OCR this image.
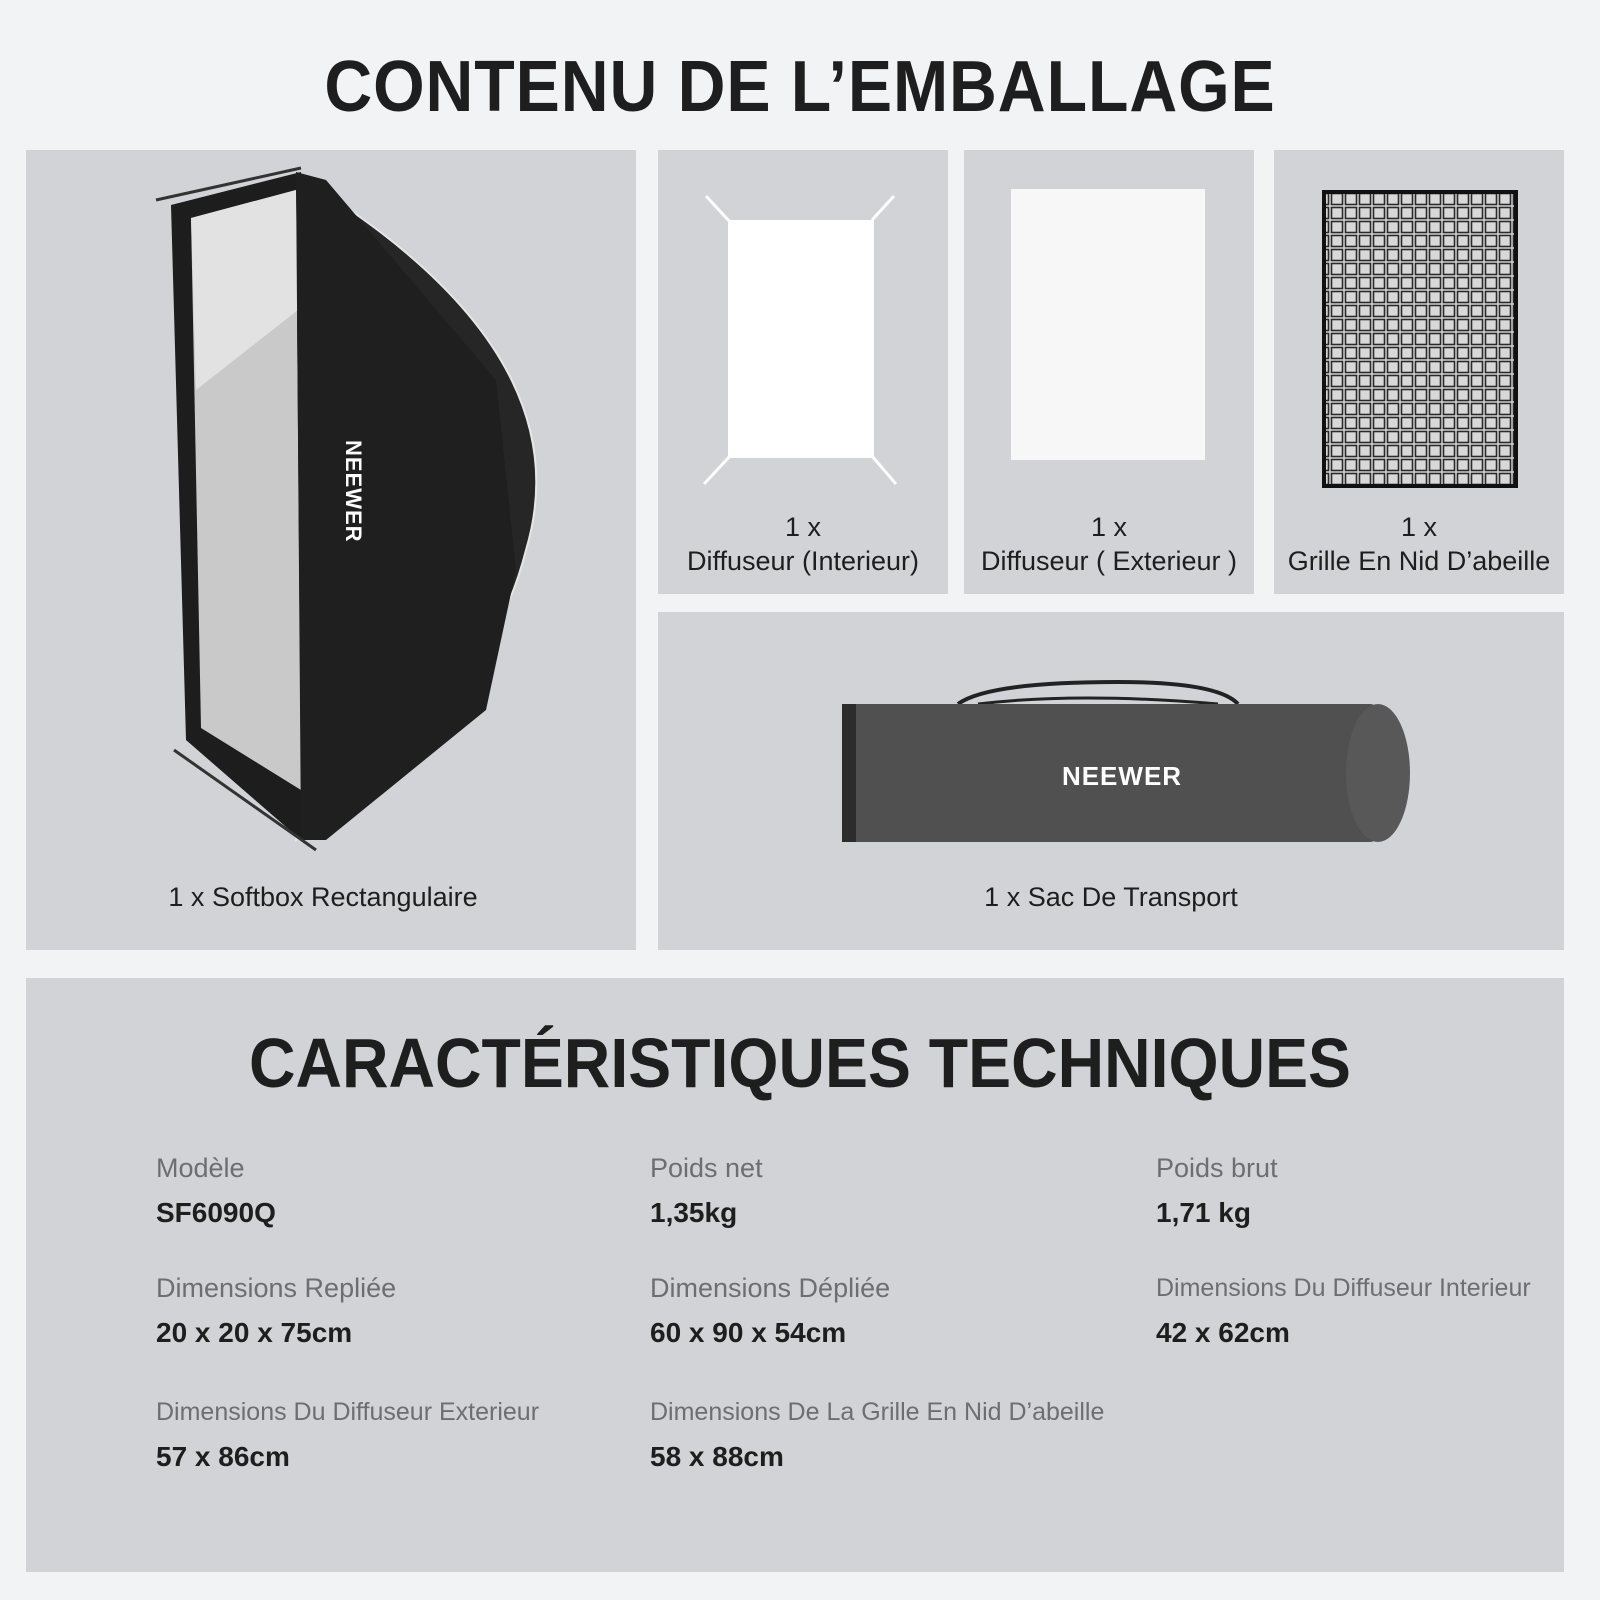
CONTENU DE L’EMBALLAGE
NEEWER
1 x Softbox Rectangulaire
1 x
Diffuseur (Interieur)
1 x
Diffuseur ( Exterieur )
1 x
Grille En Nid D’abeille
NEEWER
1 x Sac De Transport
CARACTÉRISTIQUES TECHNIQUES
Modèle
SF6090Q
Poids net
1,35kg
Poids brut
1,71 kg
Dimensions Repliée
20 x 20 x 75cm
Dimensions Dépliée
60 x 90 x 54cm
Dimensions Du Diffuseur Interieur
42 x 62cm
Dimensions Du Diffuseur Exterieur
57 x 86cm
Dimensions De La Grille En Nid D’abeille
58 x 88cm
